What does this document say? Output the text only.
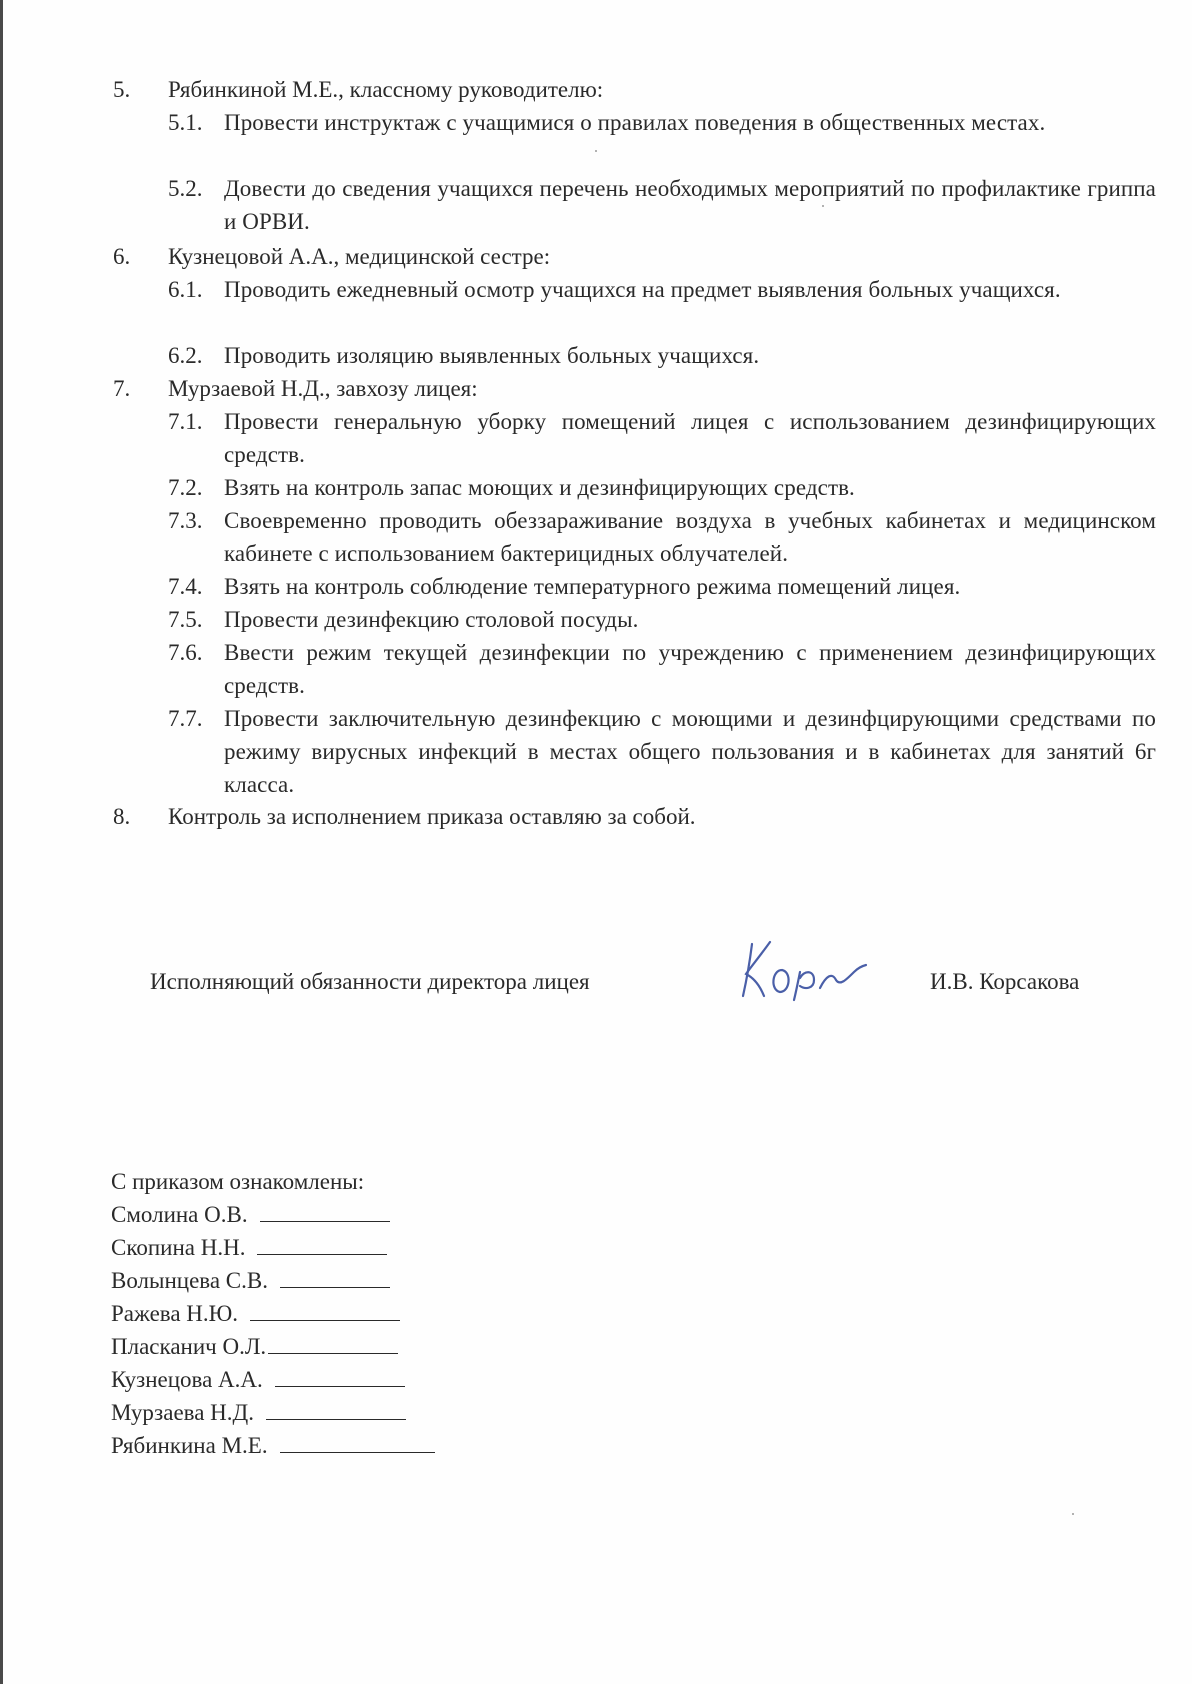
5. Рябинкиной М.Е., классному руководителю:
5.1. Провести инструктаж с учащимися о правилах поведения в общественных местах.
5.2. Довести до сведения учащихся перечень необходимых мероприятий по профилактике гриппа и ОРВИ.
6. Кузнецовой А.А., медицинской сестре:
6.1. Проводить ежедневный осмотр учащихся на предмет выявления больных учащихся.
6.2. Проводить изоляцию выявленных больных учащихся.
7. Мурзаевой Н.Д., завхозу лицея:
7.1. Провести генеральную уборку помещений лицея с использованием дезинфицирующих средств.
7.2. Взять на контроль запас моющих и дезинфицирующих средств.
7.3. Своевременно проводить обеззараживание воздуха в учебных кабинетах и медицинском кабинете с использованием бактерицидных облучателей.
7.4. Взять на контроль соблюдение температурного режима помещений лицея.
7.5. Провести дезинфекцию столовой посуды.
7.6. Ввести режим текущей дезинфекции по учреждению с применением дезинфицирующих средств.
7.7. Провести заключительную дезинфекцию с моющими и дезинфцирующими средствами по режиму вирусных инфекций в местах общего пользования и в кабинетах для занятий 6г класса.
8. Контроль за исполнением приказа оставляю за собой.
Исполняющий обязанности директора лицея	И.В. Корсакова
С приказом ознакомлены:
Смолина О.В.
Скопина Н.Н.
Волынцева С.В.
Ражева Н.Ю.
Пласканич О.Л.
Кузнецова А.А.
Мурзаева Н.Д.
Рябинкина М.Е.
